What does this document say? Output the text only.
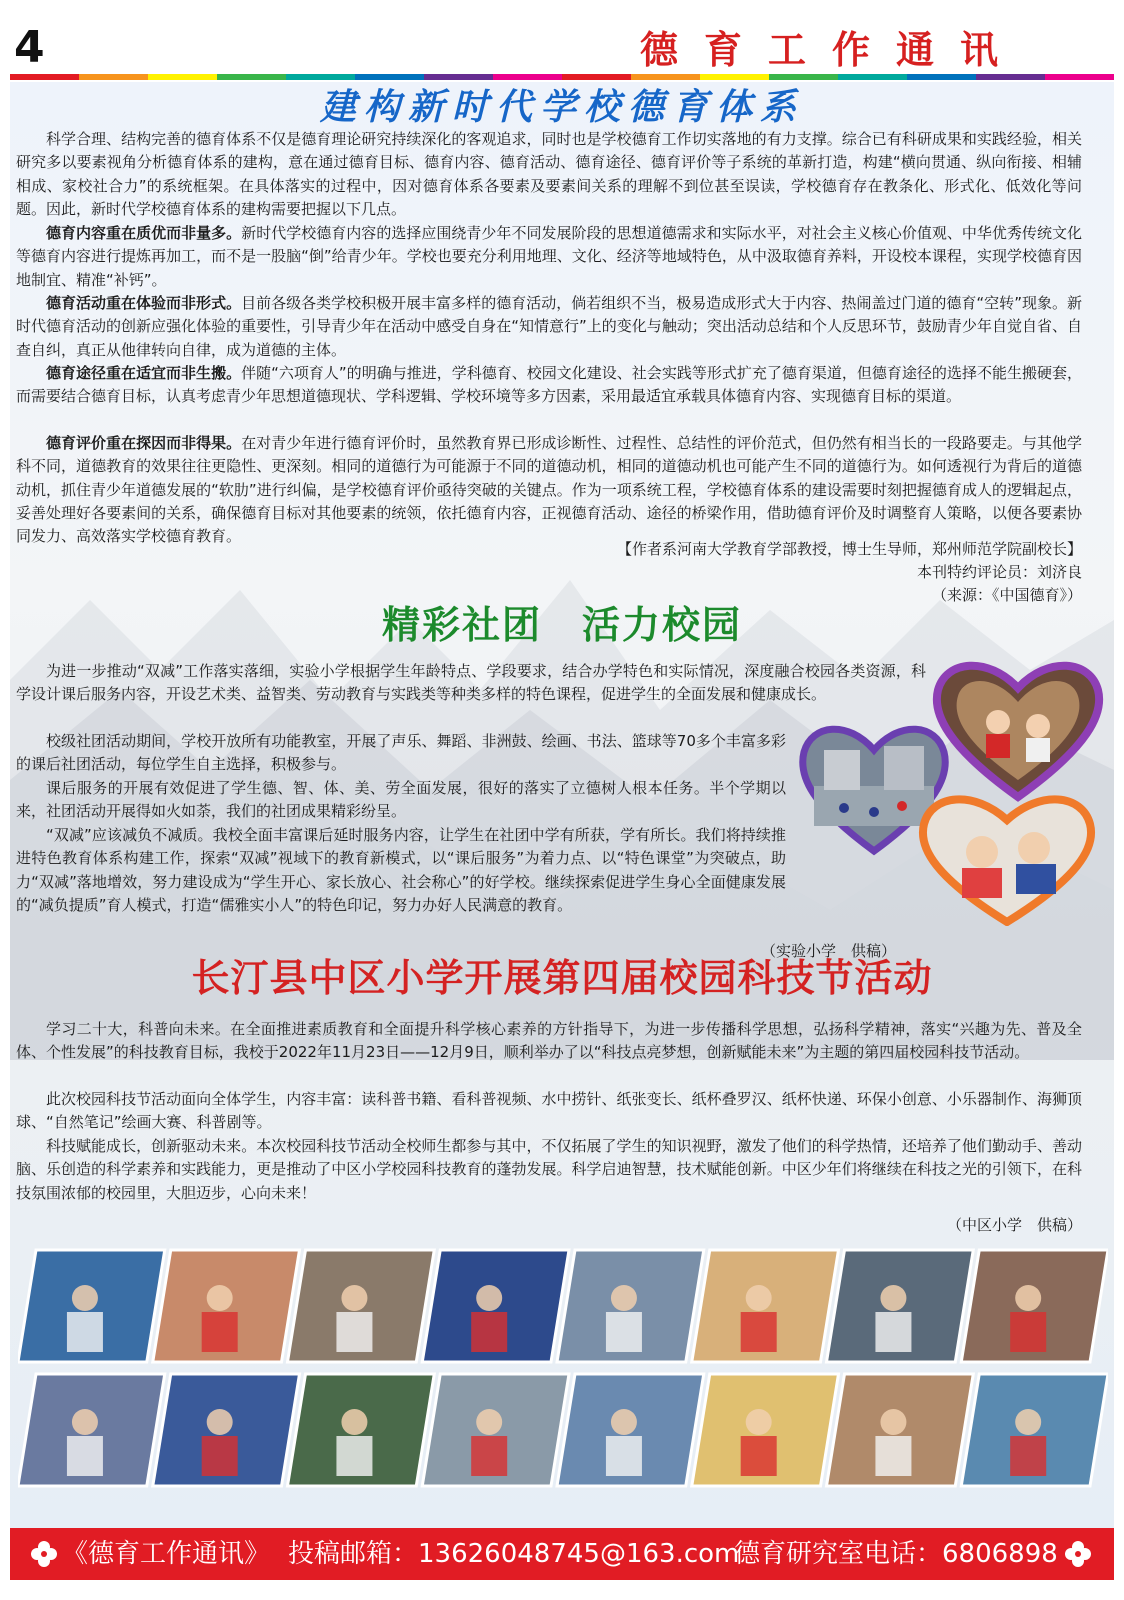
4	德育工作通讯
建构新时代学校德育体系
科学合理、结构完善的德育体系不仅是德育理论研究持续深化的客观追求，同时也是学校德育工作切实落地的有力支撑。综合已有科研成果和实践经验，相关研究多以要素视角分析德育体系的建构，意在通过德育目标、德育内容、德育活动、德育途径、德育评价等子系统的革新打造，构建“横向贯通、纵向衔接、相辅相成、家校社合力”的系统框架。在具体落实的过程中，因对德育体系各要素及要素间关系的理解不到位甚至误读，学校德育存在教条化、形式化、低效化等问题。因此，新时代学校德育体系的建构需要把握以下几点。
德育内容重在质优而非量多。新时代学校德育内容的选择应围绕青少年不同发展阶段的思想道德需求和实际水平，对社会主义核心价值观、中华优秀传统文化等德育内容进行提炼再加工，而不是一股脑“倒”给青少年。学校也要充分利用地理、文化、经济等地域特色，从中汲取德育养料，开设校本课程，实现学校德育因地制宜、精准“补钙”。
德育活动重在体验而非形式。目前各级各类学校积极开展丰富多样的德育活动，倘若组织不当，极易造成形式大于内容、热闹盖过门道的德育“空转”现象。新时代德育活动的创新应强化体验的重要性，引导青少年在活动中感受自身在“知情意行”上的变化与触动；突出活动总结和个人反思环节，鼓励青少年自觉自省、自查自纠，真正从他律转向自律，成为道德的主体。
德育途径重在适宜而非生搬。伴随“六项育人”的明确与推进，学科德育、校园文化建设、社会实践等形式扩充了德育渠道，但德育途径的选择不能生搬硬套，而需要结合德育目标，认真考虑青少年思想道德现状、学科逻辑、学校环境等多方因素，采用最适宜承载具体德育内容、实现德育目标的渠道。
德育评价重在探因而非得果。在对青少年进行德育评价时，虽然教育界已形成诊断性、过程性、总结性的评价范式，但仍然有相当长的一段路要走。与其他学科不同，道德教育的效果往往更隐性、更深刻。相同的道德行为可能源于不同的道德动机，相同的道德动机也可能产生不同的道德行为。如何透视行为背后的道德动机，抓住青少年道德发展的“软肋”进行纠偏，是学校德育评价亟待突破的关键点。作为一项系统工程，学校德育体系的建设需要时刻把握德育成人的逻辑起点，妥善处理好各要素间的关系，确保德育目标对其他要素的统领，依托德育内容，正视德育活动、途径的桥梁作用，借助德育评价及时调整育人策略，以便各要素协同发力、高效落实学校德育教育。
【作者系河南大学教育学部教授，博士生导师，郑州师范学院副校长】
本刊特约评论员：刘济良
（来源：《中国德育》）
精彩社团　活力校园
为进一步推动“双减”工作落实落细，实验小学根据学生年龄特点、学段要求，结合办学特色和实际情况，深度融合校园各类资源，科学设计课后服务内容，开设艺术类、益智类、劳动教育与实践类等种类多样的特色课程，促进学生的全面发展和健康成长。
校级社团活动期间，学校开放所有功能教室，开展了声乐、舞蹈、非洲鼓、绘画、书法、篮球等70多个丰富多彩的课后社团活动，每位学生自主选择，积极参与。
课后服务的开展有效促进了学生德、智、体、美、劳全面发展，很好的落实了立德树人根本任务。半个学期以来，社团活动开展得如火如荼，我们的社团成果精彩纷呈。
“双减”应该减负不减质。我校全面丰富课后延时服务内容，让学生在社团中学有所获，学有所长。我们将持续推进特色教育体系构建工作，探索“双减”视域下的教育新模式，以“课后服务”为着力点、以“特色课堂”为突破点，助力“双减”落地增效，努力建设成为“学生开心、家长放心、社会称心”的好学校。继续探索促进学生身心全面健康发展的“减负提质”育人模式，打造“儒雅实小人”的特色印记，努力办好人民满意的教育。
（实验小学　供稿）
长汀县中区小学开展第四届校园科技节活动
学习二十大，科普向未来。在全面推进素质教育和全面提升科学核心素养的方针指导下，为进一步传播科学思想，弘扬科学精神，落实“兴趣为先、普及全体、个性发展”的科技教育目标，我校于2022年11月23日——12月9日，顺利举办了以“科技点亮梦想，创新赋能未来”为主题的第四届校园科技节活动。
此次校园科技节活动面向全体学生，内容丰富：读科普书籍、看科普视频、水中捞针、纸张变长、纸杯叠罗汉、纸杯快递、环保小创意、小乐器制作、海狮顶球、“自然笔记”绘画大赛、科普剧等。
科技赋能成长，创新驱动未来。本次校园科技节活动全校师生都参与其中，不仅拓展了学生的知识视野，激发了他们的科学热情，还培养了他们勤动手、善动脑、乐创造的科学素养和实践能力，更是推动了中区小学校园科技教育的蓬勃发展。科学启迪智慧，技术赋能创新。中区少年们将继续在科技之光的引领下，在科技氛围浓郁的校园里，大胆迈步，心向未来！
（中区小学　供稿）
《德育工作通讯》 投稿邮箱：13626048745@163.com
德育研究室电话：6806898
